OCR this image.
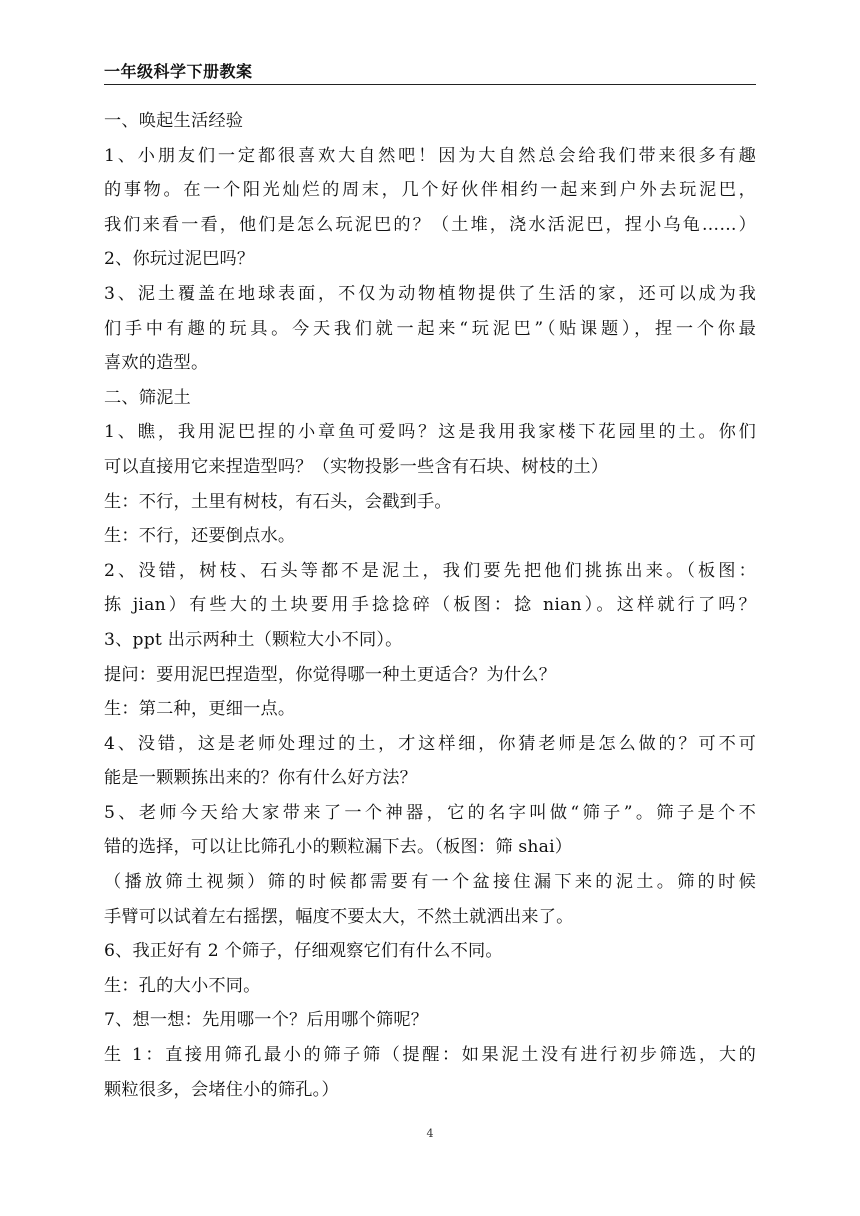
一年级科学下册教案
一、唤起生活经验
1、小朋友们一定都很喜欢大自然吧！因为大自然总会给我们带来很多有趣
的事物。在一个阳光灿烂的周末，几个好伙伴相约一起来到户外去玩泥巴，
我们来看一看，他们是怎么玩泥巴的？（土堆，浇水活泥巴，捏小乌龟……）
2、你玩过泥巴吗？
3、泥土覆盖在地球表面，不仅为动物植物提供了生活的家，还可以成为我
们手中有趣的玩具。今天我们就一起来“玩泥巴”（贴课题），捏一个你最
喜欢的造型。
二、筛泥土
1、瞧，我用泥巴捏的小章鱼可爱吗？这是我用我家楼下花园里的土。你们
可以直接用它来捏造型吗？（实物投影一些含有石块、树枝的土）
生：不行，土里有树枝，有石头，会戳到手。
生：不行，还要倒点水。
2、没错，树枝、石头等都不是泥土，我们要先把他们挑拣出来。（板图：
拣 jian）有些大的土块要用手捻捻碎（板图：捻 nian）。这样就行了吗？
3、ppt 出示两种土（颗粒大小不同）。
提问：要用泥巴捏造型，你觉得哪一种土更适合？为什么？
生：第二种，更细一点。
4、没错，这是老师处理过的土，才这样细，你猜老师是怎么做的？可不可
能是一颗颗拣出来的？你有什么好方法？
5、老师今天给大家带来了一个神器，它的名字叫做“筛子”。筛子是个不
错的选择，可以让比筛孔小的颗粒漏下去。（板图：筛 shai）
（播放筛土视频）筛的时候都需要有一个盆接住漏下来的泥土。筛的时候
手臂可以试着左右摇摆，幅度不要太大，不然土就洒出来了。
6、我正好有 2 个筛子，仔细观察它们有什么不同。
生：孔的大小不同。
7、想一想：先用哪一个？后用哪个筛呢？
生 1：直接用筛孔最小的筛子筛（提醒：如果泥土没有进行初步筛选，大的
颗粒很多，会堵住小的筛孔。）
4
